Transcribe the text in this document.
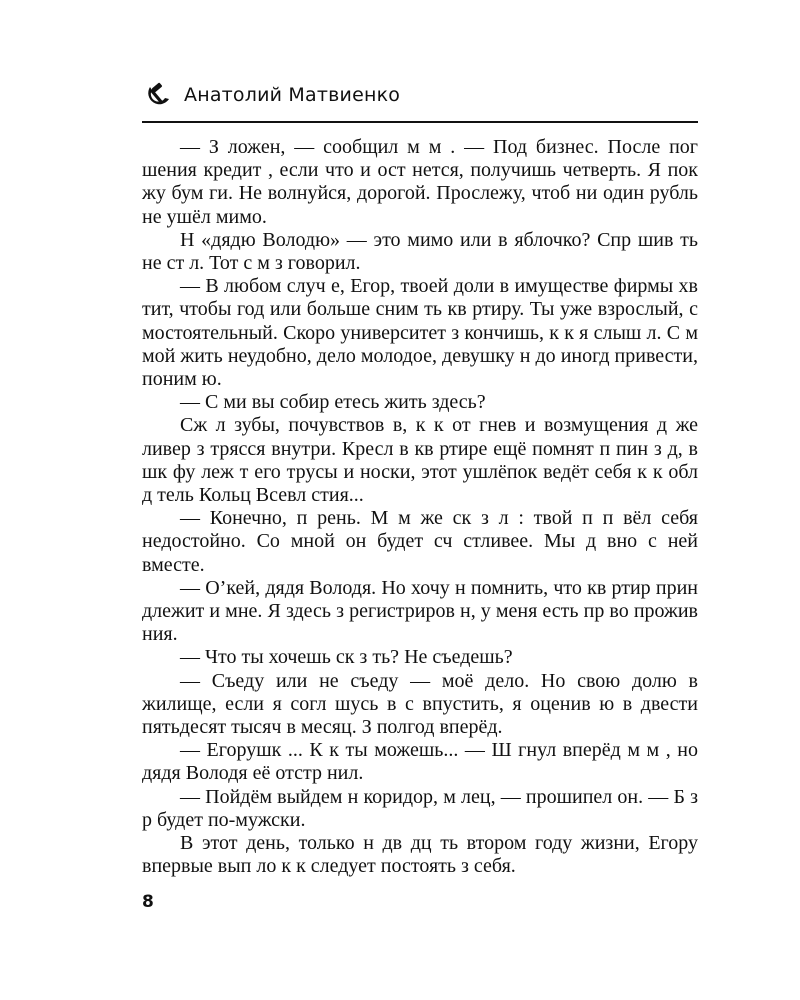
Анатолий Матвиенко

— З ложен, — сообщил м м . — Под бизнес. После пог шения кредит , если что и ост нется, получишь четверть. Я пок жу бум ги. Не волнуйся, дорогой. Прослежу, чтоб ни один рубль не ушёл мимо.

Н «дядю Володю» — это мимо или в яблочко? Спр шив ть не ст л. Тот с м з говорил.

— В любом случ е, Егор, твоей доли в имуществе фирмы хв тит, чтобы год или больше сним ть кв ртиру. Ты уже взрослый, с мостоятельный. Скоро университет з кончишь, к к я слыш л. С м мой жить неудобно, дело молодое, девушку н до иногд привести, поним ю.

— С ми вы собир етесь жить здесь?

Сж л зубы, почувствов в, к к от гнев и возмущения д же ливер з трясся внутри. Кресл в кв ртире ещё помнят п пин з д, в шк фу леж т его трусы и носки, этот ушлёпок ведёт себя к к обл д тель Кольц Всевл стия...

— Конечно, п рень. М м же ск з л : твой п п вёл себя недостойно. Со мной он будет сч стливее. Мы д вно с ней вместе.

— О’кей, дядя Володя. Но хочу н помнить, что кв ртир прин длежит и мне. Я здесь з регистриров н, у меня есть пр во прожив ния.

— Что ты хочешь ск з ть? Не съедешь?

— Съеду или не съеду — моё дело. Но свою долю в жилище, если я согл шусь в с впустить, я оценив ю в двести пятьдесят тысяч в месяц. З полгод вперёд.

— Егорушк ... К к ты можешь... — Ш гнул вперёд м м , но дядя Володя её отстр нил.

— Пойдём выйдем н коридор, м лец, — прошипел он. — Б з р будет по-мужски.

В этот день, только н дв дц ть втором году жизни, Егору впервые вып ло к к следует постоять з себя.

8
